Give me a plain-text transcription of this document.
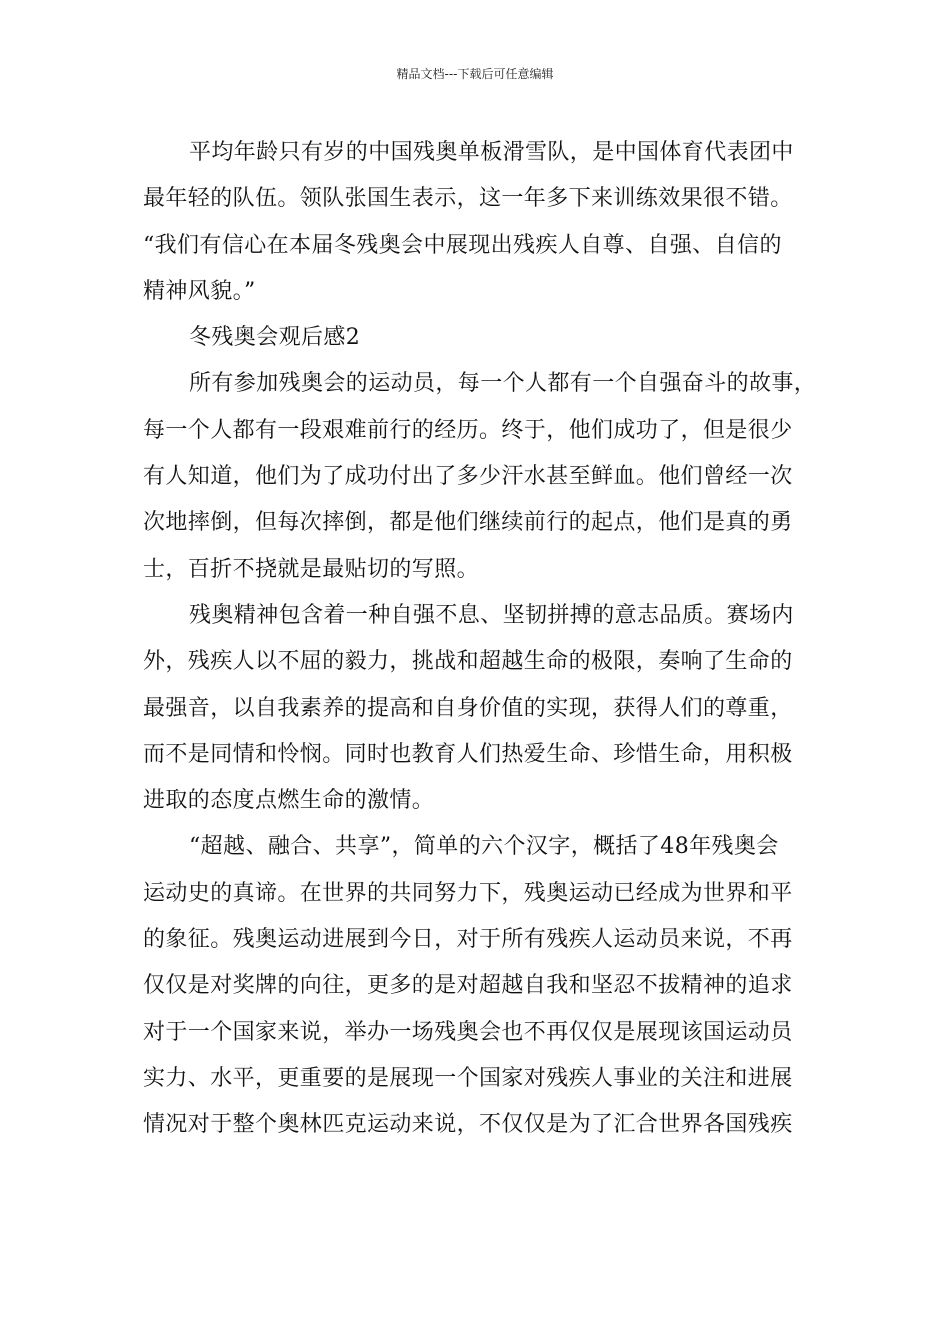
精品文档---下载后可任意编辑
平均年龄只有岁的中国残奥单板滑雪队，是中国体育代表团中
最年轻的队伍。领队张国生表示，这一年多下来训练效果很不错。
“我们有信心在本届冬残奥会中展现出残疾人自尊、自强、自信的
精神风貌。”
冬残奥会观后感2
所有参加残奥会的运动员，每一个人都有一个自强奋斗的故事，
每一个人都有一段艰难前行的经历。终于，他们成功了，但是很少
有人知道，他们为了成功付出了多少汗水甚至鲜血。他们曾经一次
次地摔倒，但每次摔倒，都是他们继续前行的起点，他们是真的勇
士，百折不挠就是最贴切的写照。
残奥精神包含着一种自强不息、坚韧拼搏的意志品质。赛场内
外，残疾人以不屈的毅力，挑战和超越生命的极限，奏响了生命的
最强音，以自我素养的提高和自身价值的实现，获得人们的尊重，
而不是同情和怜悯。同时也教育人们热爱生命、珍惜生命，用积极
进取的态度点燃生命的激情。
“超越、融合、共享”，简单的六个汉字，概括了48年残奥会
运动史的真谛。在世界的共同努力下，残奥运动已经成为世界和平
的象征。残奥运动进展到今日，对于所有残疾人运动员来说，不再
仅仅是对奖牌的向往，更多的是对超越自我和坚忍不拔精神的追求
对于一个国家来说，举办一场残奥会也不再仅仅是展现该国运动员
实力、水平，更重要的是展现一个国家对残疾人事业的关注和进展
情况对于整个奥林匹克运动来说，不仅仅是为了汇合世界各国残疾
